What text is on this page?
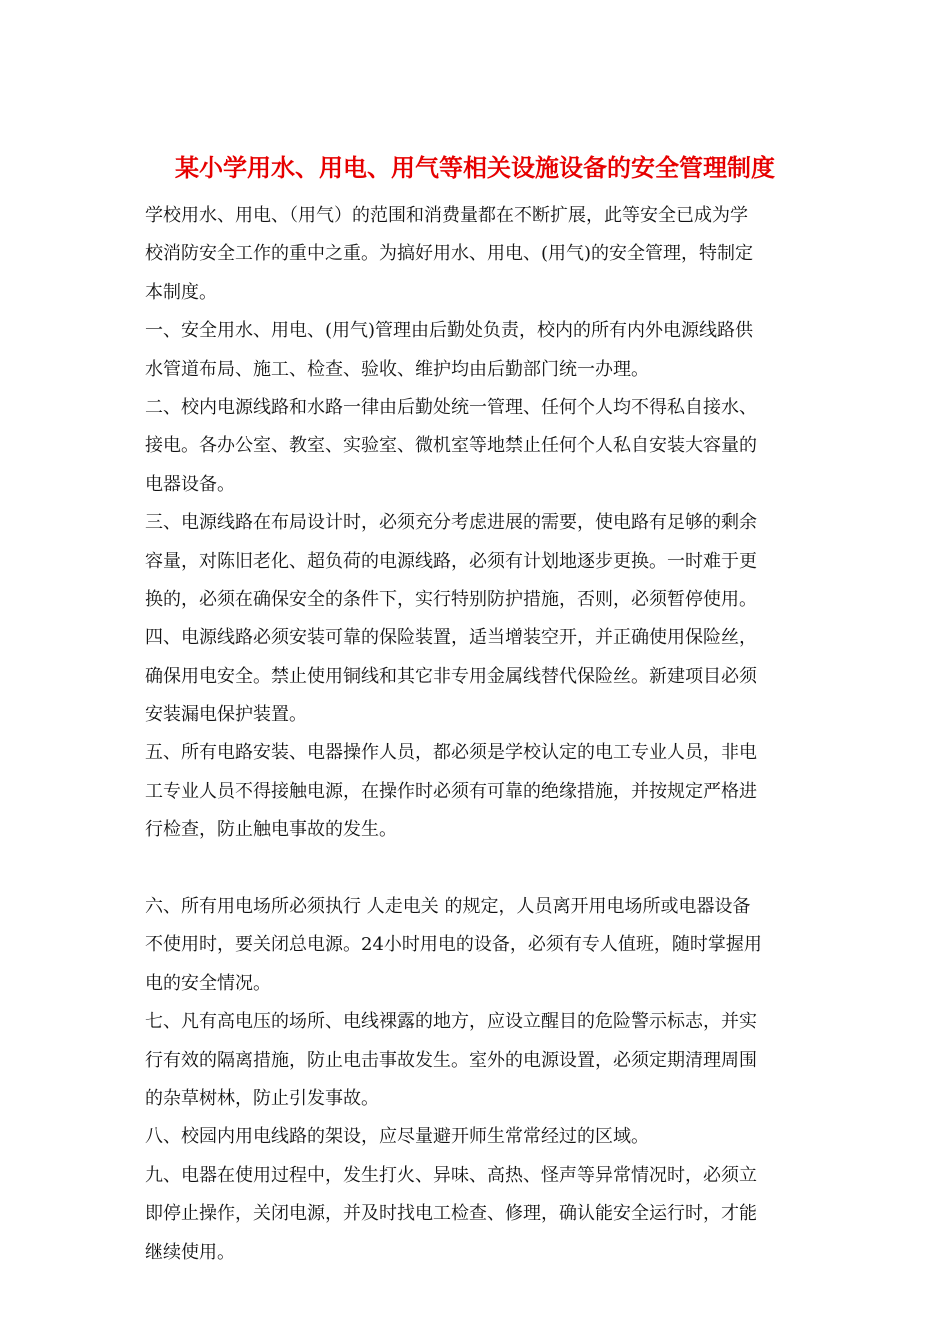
某小学用水、用电、用气等相关设施设备的安全管理制度
学校用水、用电、（用气）的范围和消费量都在不断扩展，此等安全已成为学
校消防安全工作的重中之重。为搞好用水、用电、(用气)的安全管理，特制定
本制度。
一、安全用水、用电、(用气)管理由后勤处负责，校内的所有内外电源线路供
水管道布局、施工、检查、验收、维护均由后勤部门统一办理。
二、校内电源线路和水路一律由后勤处统一管理、任何个人均不得私自接水、
接电。各办公室、教室、实验室、微机室等地禁止任何个人私自安装大容量的
电器设备。
三、电源线路在布局设计时，必须充分考虑进展的需要，使电路有足够的剩余
容量，对陈旧老化、超负荷的电源线路，必须有计划地逐步更换。一时难于更
换的，必须在确保安全的条件下，实行特别防护措施，否则，必须暂停使用。
四、电源线路必须安装可靠的保险装置，适当增装空开，并正确使用保险丝，
确保用电安全。禁止使用铜线和其它非专用金属线替代保险丝。新建项目必须
安装漏电保护装置。
五、所有电路安装、电器操作人员，都必须是学校认定的电工专业人员，非电
工专业人员不得接触电源，在操作时必须有可靠的绝缘措施，并按规定严格进
行检查，防止触电事故的发生。
六、所有用电场所必须执行 人走电关 的规定，人员离开用电场所或电器设备
不使用时，要关闭总电源。24小时用电的设备，必须有专人值班，随时掌握用
电的安全情况。
七、凡有高电压的场所、电线裸露的地方，应设立醒目的危险警示标志，并实
行有效的隔离措施，防止电击事故发生。室外的电源设置，必须定期清理周围
的杂草树林，防止引发事故。
八、校园内用电线路的架设，应尽量避开师生常常经过的区域。
九、电器在使用过程中，发生打火、异味、高热、怪声等异常情况时，必须立
即停止操作，关闭电源，并及时找电工检查、修理，确认能安全运行时，才能
继续使用。
